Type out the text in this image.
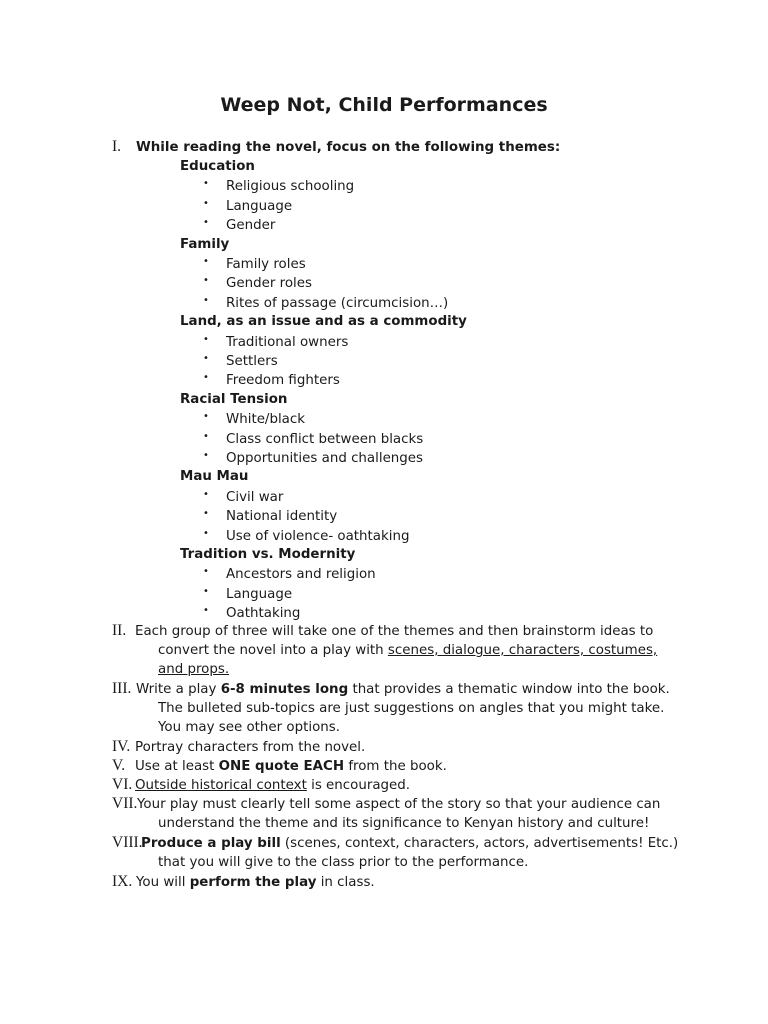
Weep Not, Child Performances
I. While reading the novel, focus on the following themes:
Education
• Religious schooling
• Language
• Gender
Family
• Family roles
• Gender roles
• Rites of passage (circumcision…)
Land, as an issue and as a commodity
• Traditional owners
• Settlers
• Freedom fighters
Racial Tension
• White/black
• Class conflict between blacks
• Opportunities and challenges
Mau Mau
• Civil war
• National identity
• Use of violence- oathtaking
Tradition vs. Modernity
• Ancestors and religion
• Language
• Oathtaking
II. Each group of three will take one of the themes and then brainstorm ideas to
convert the novel into a play with scenes, dialogue, characters, costumes,
and props.
III. Write a play 6-8 minutes long that provides a thematic window into the book.
The bulleted sub-topics are just suggestions on angles that you might take.
You may see other options.
IV. Portray characters from the novel.
V. Use at least ONE quote EACH from the book.
VI. Outside historical context is encouraged.
VII. Your play must clearly tell some aspect of the story so that your audience can
understand the theme and its significance to Kenyan history and culture!
VIII.
Produce a play bill (scenes, context, characters, actors, advertisements! Etc.)
that you will give to the class prior to the performance.
IX. You will perform the play in class.
